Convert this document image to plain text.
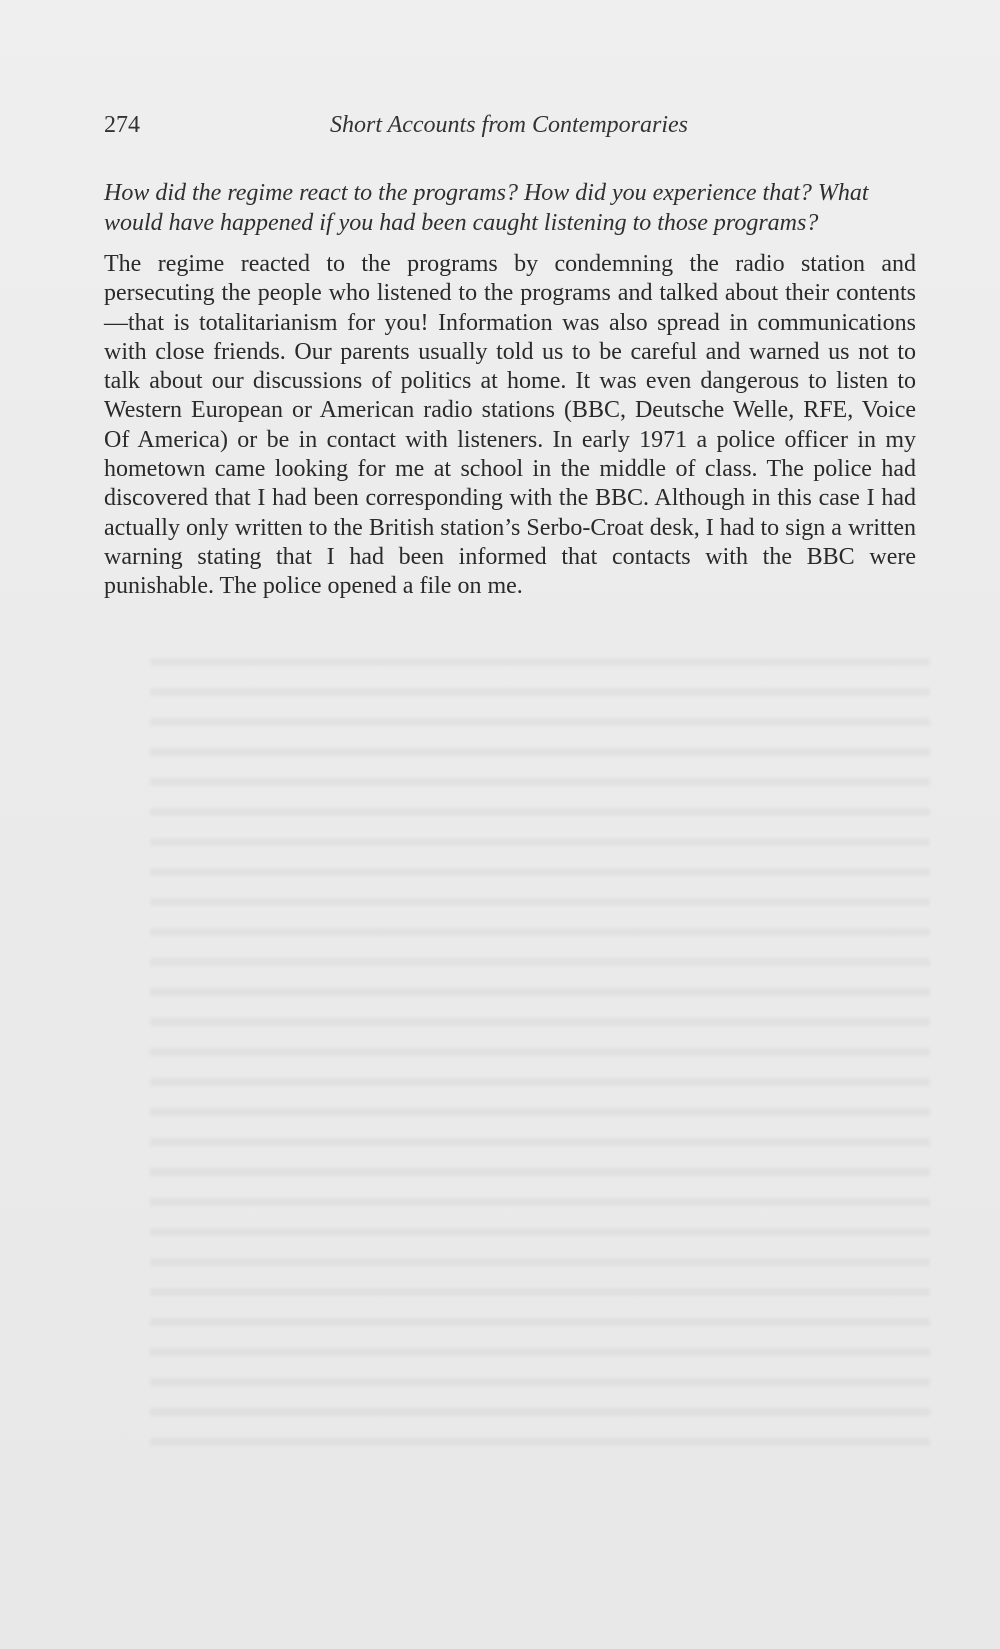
274	Short Accounts from Contemporaries

How did the regime react to the programs? How did you experience that? What would have happened if you had been caught listening to those programs?

The regime reacted to the programs by condemning the radio station and persecuting the people who listened to the programs and talked about their contents—that is totalitarianism for you! Information was also spread in communications with close friends. Our parents usually told us to be careful and warned us not to talk about our discussions of politics at home. It was even dangerous to listen to Western European or American radio stations (BBC, Deutsche Welle, RFE, Voice Of America) or be in contact with listeners. In early 1971 a police officer in my hometown came looking for me at school in the middle of class. The police had discovered that I had been corresponding with the BBC. Although in this case I had actually only written to the British station’s Serbo-Croat desk, I had to sign a written warning stating that I had been informed that contacts with the BBC were punishable. The police opened a file on me.
